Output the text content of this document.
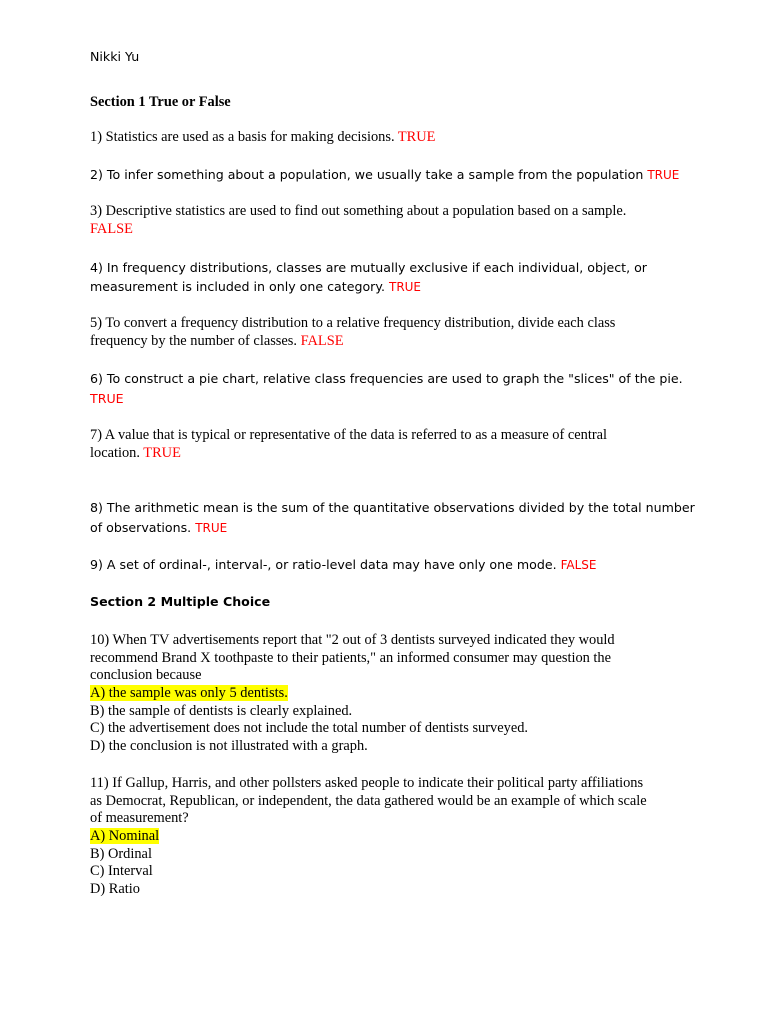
Nikki Yu
Section 1 True or False
1) Statistics are used as a basis for making decisions. TRUE
2) To infer something about a population, we usually take a sample from the population TRUE
3) Descriptive statistics are used to find out something about a population based on a sample.
FALSE
4) In frequency distributions, classes are mutually exclusive if each individual, object, or
measurement is included in only one category. TRUE
5) To convert a frequency distribution to a relative frequency distribution, divide each class
frequency by the number of classes. FALSE
6) To construct a pie chart, relative class frequencies are used to graph the "slices" of the pie.
TRUE
7) A value that is typical or representative of the data is referred to as a measure of central
location. TRUE
8) The arithmetic mean is the sum of the quantitative observations divided by the total number
of observations. TRUE
9) A set of ordinal-, interval-, or ratio-level data may have only one mode. FALSE
Section 2 Multiple Choice
10) When TV advertisements report that "2 out of 3 dentists surveyed indicated they would
recommend Brand X toothpaste to their patients," an informed consumer may question the
conclusion because
A) the sample was only 5 dentists.
B) the sample of dentists is clearly explained.
C) the advertisement does not include the total number of dentists surveyed.
D) the conclusion is not illustrated with a graph.
11) If Gallup, Harris, and other pollsters asked people to indicate their political party affiliations
as Democrat, Republican, or independent, the data gathered would be an example of which scale
of measurement?
A) Nominal
B) Ordinal
C) Interval
D) Ratio
